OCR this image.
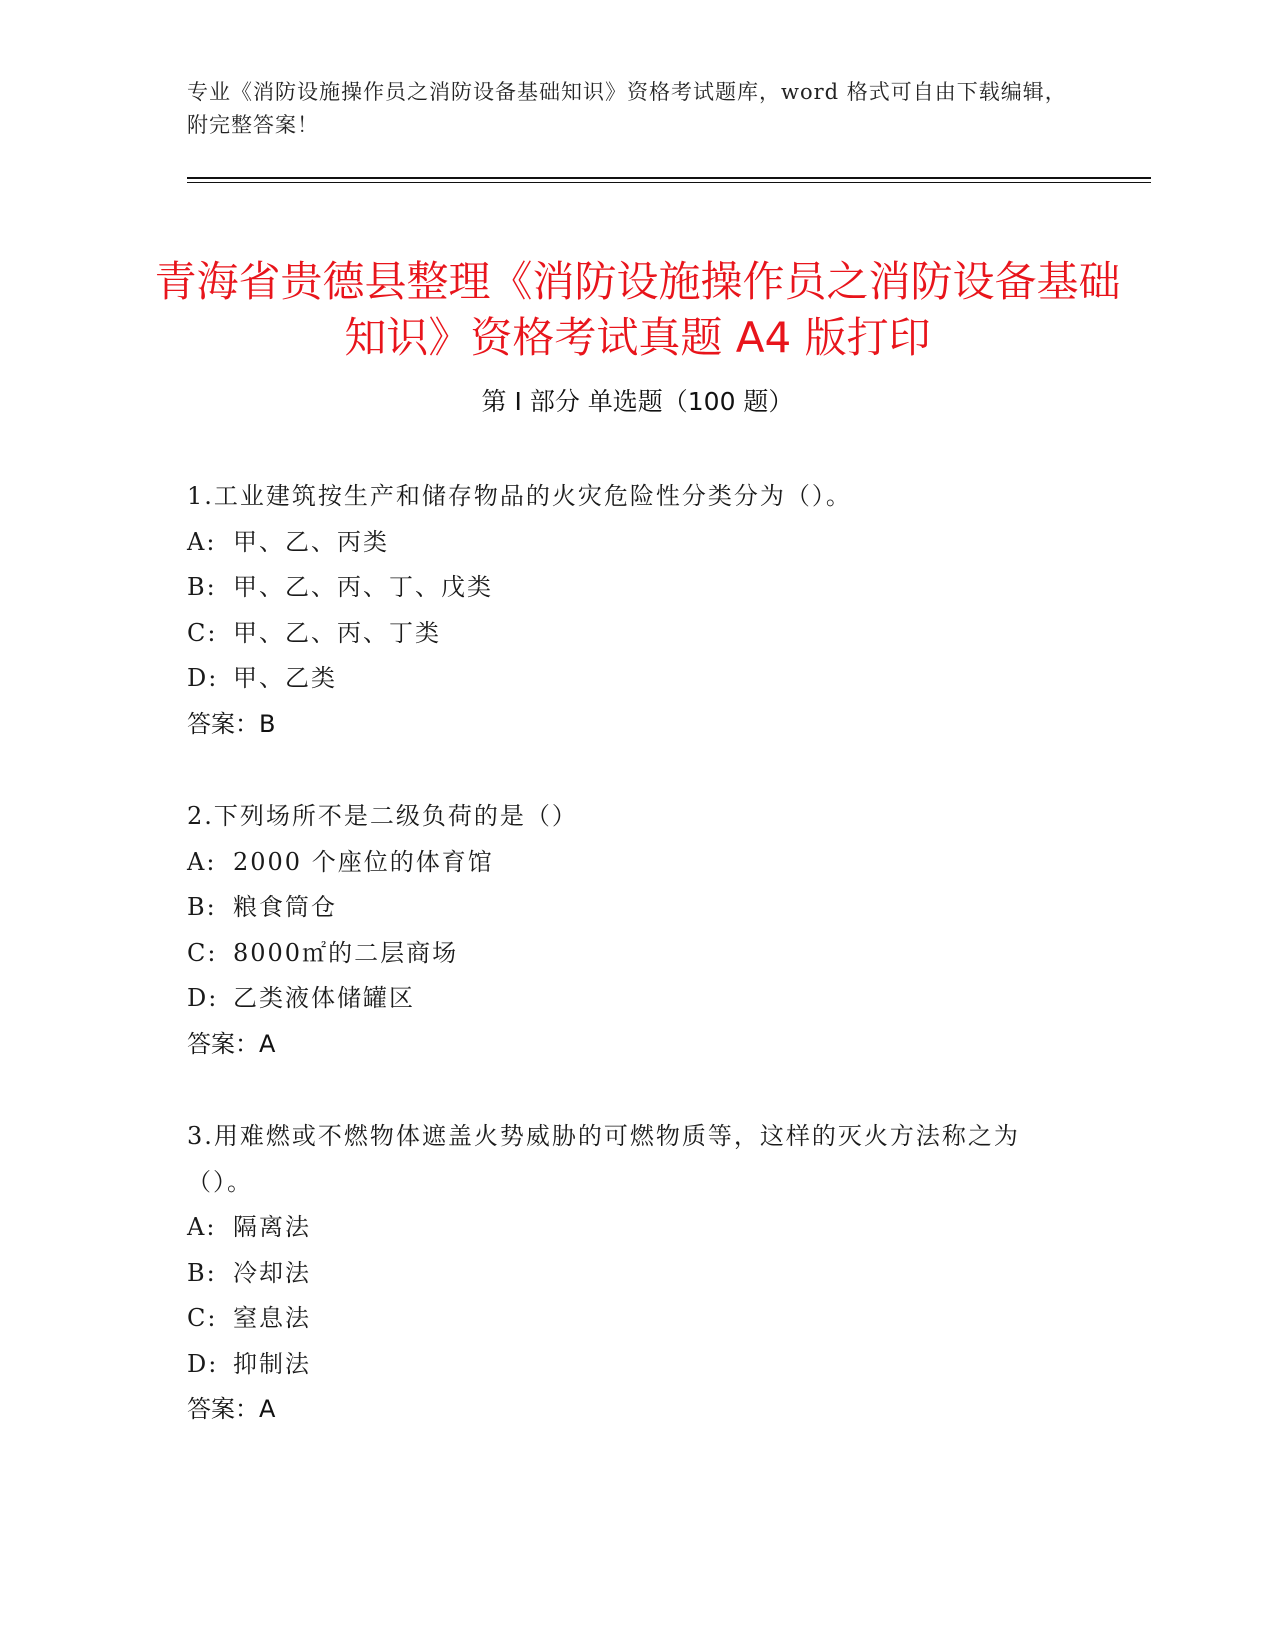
专业《消防设施操作员之消防设备基础知识》资格考试题库，word 格式可自由下载编辑，附完整答案！
青海省贵德县整理《消防设施操作员之消防设备基础知识》资格考试真题 A4 版打印
第 I 部分 单选题（100 题）
1.工业建筑按生产和储存物品的火灾危险性分类分为（）。
A: 甲、乙、丙类
B: 甲、乙、丙、丁、戊类
C: 甲、乙、丙、丁类
D: 甲、乙类
答案：B
2.下列场所不是二级负荷的是（）
A: 2000 个座位的体育馆
B: 粮食筒仓
C: 8000㎡的二层商场
D: 乙类液体储罐区
答案：A
3.用难燃或不燃物体遮盖火势威胁的可燃物质等，这样的灭火方法称之为（）。
A: 隔离法
B: 冷却法
C: 窒息法
D: 抑制法
答案：A
